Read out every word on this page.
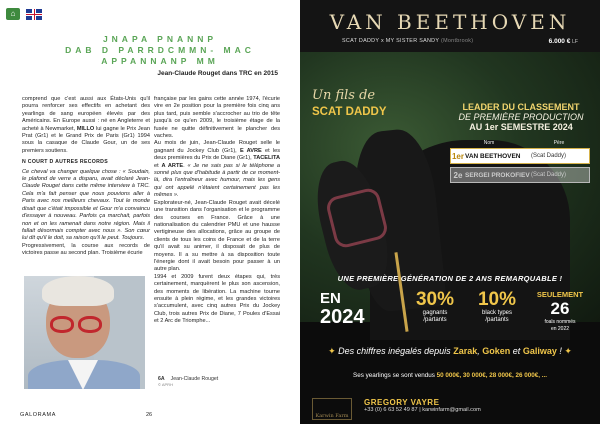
⌂
JNAPA PNANNP
DAB D PARRDCMMN- MAC
APPANNANP MM
Jean-Claude Rouget dans TRC en 2015

comprend que c'est aussi aux États-Unis qu'il pourra renforcer ses effectifs en achetant des yearlings de sang européen élevés par des Américains. En Europe aussi : né en Angleterre et acheté à Newmarket, MILLO lui gagne le Prix Jean Prat (Gr1) et le Grand Prix de Paris (Gr1) 1994 sous la casaque de Claude Gour, un de ses premiers soutiens.

N COURT D AUTRES RECORDS

Ce cheval va changer quelque chose : « Soudain, le plafond de verre a disparu, avait déclaré Jean-Claude Rouget dans cette même interview à TRC. Cela m'a fait penser que nous pouvions aller à Paris avec nos meilleurs chevaux. Tout le monde disait que c'était impossible et Gour m'a convaincu d'essayer à nouveau. Parfois ça marchait, parfois non et on les ramenait dans notre région. Mais il fallait désormais compter avec nous ». Son cœur lui dit qu'il le doit, sa raison qu'il le peut. Toujours.

Progressivement, la course aux records de victoires passe au second plan. Troisième écurie

française par les gains cette année 1974, l'écurie vire en 2e position pour la première fois cinq ans plus tard, puis semble s'accrocher au trio de tête jusqu'à ce qu'en 2009, le troisième étage de la fusée ne quitte définitivement le plancher des vaches.

Au mois de juin, Jean-Claude Rouget selle le gagnant du Jockey Club (Gr1), E AVRE et les deux premières du Prix de Diane (Gr1), TACELITA et A ARTE. « Je ne sais pas si le téléphone a sonné plus que d'habitude à partir de ce moment-là, dira l'entraîneur avec humour, mais les gens qui ont appelé n'étaient certainement pas les mêmes ».

Explorateur-né, Jean-Claude Rouget avait décelé une transition dans l'organisation et le programme des courses en France. Grâce à une nationalisation du calendrier PMU et une hausse vertigineuse des allocations, grâce au groupe de clients de tous les coins de France et de la terre qu'il avait su animer, il disposait de plus de moyens. Il a su mettre à sa disposition toute l'énergie dont il avait besoin pour passer à un autre plan.

1994 et 2009 furent deux étapes qui, très certainement, marquèrent le plus son ascension, des moments de libération. La machine tourne ensuite à plein régime, et les grandes victoires s'accumulent, avec cinq autres Prix du Jockey Club, trois autres Prix de Diane, 7 Poules d'Essai et 2 Arc de Triomphe...

6A Jean-Claude Rouget
© APRH
GALORAMA	26
VAN BEETHOVEN
SCAT DADDY x MY SISTER SANDY (Montbrook)	6.000 € LF
Un fils de
SCAT DADDY	LEADER DU CLASSEMENT
DE PREMIÈRE PRODUCTION
AU 1er SEMESTRE 2024
Nom	Père
1er VAN BEETHOVEN	(Scat Daddy)
2e SERGEI PROKOFIEV (Scat Daddy)
UNE PREMIÈRE GÉNÉRATION DE 2 ANS REMARQUABLE !
EN
2024
30%
gagnants
/partants
10%
black types
/partants
SEULEMENT
26
foals nommés
en 2022
✦ Des chiffres inégalés depuis Zarak, Goken et Galiway ! ✦
Ses yearlings se sont vendus 50 000€, 30 000€, 28 000€, 26 000€, ...
Karwin Farm
GREGORY VAYRE
+33 (0) 6 63 52 49 87 | karwinfarm@gmail.com
